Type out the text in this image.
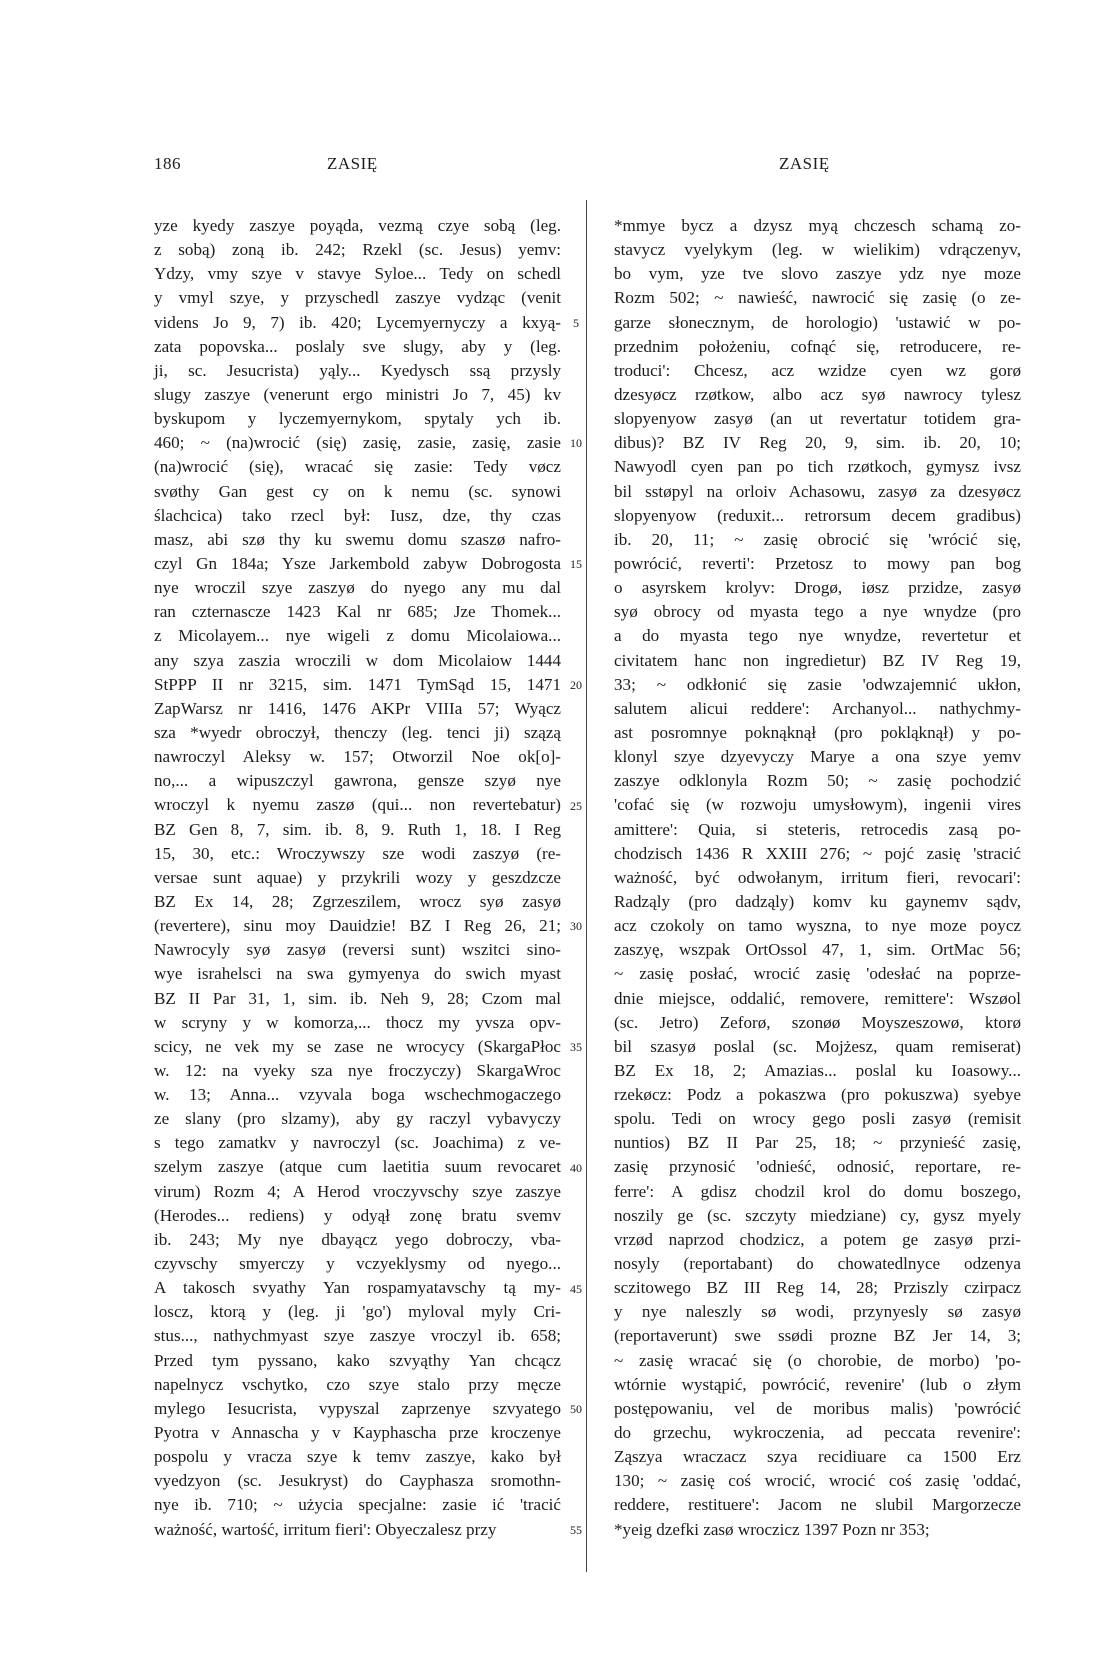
186	ZASIĘ	ZASIĘ
yze kyedy zaszye poyąda, vezmą czye sobą (leg.
z sobą) zoną ib. 242; Rzekl (sc. Jesus) yemv:
Ydzy, vmy szye v stavye Syloe... Tedy on schedl
y vmyl szye, y przyschedl zaszye vydząc (venit
videns Jo 9, 7) ib. 420; Lycemyernyczy a kxyą-
zata popovska... poslaly sve slugy, aby y (leg.
ji, sc. Jesucrista) yąly... Kyedysch ssą przysly
slugy zaszye (venerunt ergo ministri Jo 7, 45) kv
byskupom y lyczemyernykom, spytaly ych ib.
460; ~ (na)wrocić (się) zasię, zasie, zasię, zasie
(na)wrocić (się), wracać się zasie: Tedy vøcz
svøthy Gan gest cy on k nemu (sc. synowi
ślachcica) tako rzecl był: Iusz, dze, thy czas
masz, abi szø thy ku swemu domu szaszø nafro-
czyl Gn 184a; Ysze Jarkembold zabyw Dobrogosta
nye wroczil szye zaszyø do nyego any mu dal
ran czternascze 1423 Kal nr 685; Jze Thomek...
z Micolayem... nye wigeli z domu Micolaiowa...
any szya zaszia wroczili w dom Micolaiow 1444
StPPP II nr 3215, sim. 1471 TymSąd 15, 1471
ZapWarsz nr 1416, 1476 AKPr VIIIa 57; Wyącz
sza *wyedr obroczył, thenczy (leg. tenci ji) szązą
nawroczyl Aleksy w. 157; Otworzil Noe ok[o]-
no,... a wipuszczyl gawrona, gensze szyø nye
wroczyl k nyemu zaszø (qui... non revertebatur)
BZ Gen 8, 7, sim. ib. 8, 9. Ruth 1, 18. I Reg
15, 30, etc.: Wroczywszy sze wodi zaszyø (re-
versae sunt aquae) y przykrili wozy y geszdzcze
BZ Ex 14, 28; Zgrzeszilem, wrocz syø zasyø
(revertere), sinu moy Dauidzie! BZ I Reg 26, 21;
Nawrocyly syø zasyø (reversi sunt) wszitci sino-
wye israhelsci na swa gymyenya do swich myast
BZ II Par 31, 1, sim. ib. Neh 9, 28; Czom mal
w scryny y w komorza,... thocz my yvsza opv-
scicy, ne vek my se zase ne wrocycy (SkargaPłoc
w. 12: na vyeky sza nye froczyczy) SkargaWroc
w. 13; Anna... vzyvala boga wschechmogaczego
ze slany (pro slzamy), aby gy raczyl vybavyczy
s tego zamatkv y navroczyl (sc. Joachima) z ve-
szelym zaszye (atque cum laetitia suum revocaret
virum) Rozm 4; A Herod vroczyvschy szye zaszye
(Herodes... rediens) y odyął zonę bratu svemv
ib. 243; My nye dbayącz yego dobroczy, vba-
czyvschy smyerczy y vczyeklysmy od nyego...
A takosch svyathy Yan rospamyatavschy tą my-
loscz, ktorą y (leg. ji 'go') myloval myly Cri-
stus..., nathychmyast szye zaszye vroczyl ib. 658;
Przed tym pyssano, kako szvyąthy Yan chcącz
napelnycz vschytko, czo szye stalo przy męcze
mylego Iesucrista, vypyszal zaprzenye szvyatego
Pyotra v Annascha y v Kayphascha prze kroczenye
pospolu y vracza szye k temv zaszye, kako był
vyedzyon (sc. Jesukryst) do Cayphasza sromothn-
nye ib. 710; ~ użycia specjalne: zasie ić 'tracić
ważność, wartość, irritum fieri': Obyeczalesz przy
5
10
15
20
25
30
35
40
45
50
55
*mmye bycz a dzysz myą chczesch schamą zo-
stavycz vyelykym (leg. w wielikim) vdrączenyv,
bo vym, yze tve slovo zaszye ydz nye moze
Rozm 502; ~ nawieść, nawrocić się zasię (o ze-
garze słonecznym, de horologio) 'ustawić w po-
przednim położeniu, cofnąć się, retroducere, re-
troduci': Chcesz, acz wzidze cyen wz gorø
dzesyøcz rzøtkow, albo acz syø nawrocy tylesz
slopyenyow zasyø (an ut revertatur totidem gra-
dibus)? BZ IV Reg 20, 9, sim. ib. 20, 10;
Nawyodl cyen pan po tich rzøtkoch, gymysz ivsz
bil sstøpyl na orloiv Achasowu, zasyø za dzesyøcz
slopyenyow (reduxit... retrorsum decem gradibus)
ib. 20, 11; ~ zasię obrocić się 'wrócić się,
powrócić, reverti': Przetosz to mowy pan bog
o asyrskem krolyv: Drogø, iøsz przidze, zasyø
syø obrocy od myasta tego a nye wnydze (pro
a do myasta tego nye wnydze, revertetur et
civitatem hanc non ingredietur) BZ IV Reg 19,
33; ~ odkłonić się zasie 'odwzajemnić ukłon,
salutem alicui reddere': Archanyol... nathychmy-
ast posromnye poknąknął (pro pokląknął) y po-
klonyl szye dzyevyczy Marye a ona szye yemv
zaszye odklonyla Rozm 50; ~ zasię pochodzić
'cofać się (w rozwoju umysłowym), ingenii vires
amittere': Quia, si steteris, retrocedis zasą po-
chodzisch 1436 R XXIII 276; ~ pojć zasię 'stracić
ważność, być odwołanym, irritum fieri, revocari':
Radząly (pro dadząly) komv ku gaynemv sądv,
acz czokoly on tamo wyszna, to nye moze poycz
zaszyę, wszpak OrtOssol 47, 1, sim. OrtMac 56;
~ zasię posłać, wrocić zasię 'odesłać na poprze-
dnie miejsce, oddalić, removere, remittere': Wszøol
(sc. Jetro) Zeforø, szonøø Moyszeszowø, ktorø
bil szasyø poslal (sc. Mojżesz, quam remiserat)
BZ Ex 18, 2; Amazias... poslal ku Ioasowy...
rzekøcz: Podz a pokaszwa (pro pokuszwa) syebye
spolu. Tedi on wrocy gego posli zasyø (remisit
nuntios) BZ II Par 25, 18; ~ przynieść zasię,
zasię przynosić 'odnieść, odnosić, reportare, re-
ferre': A gdisz chodzil krol do domu boszego,
noszily ge (sc. szczyty miedziane) cy, gysz myely
vrzød naprzod chodzicz, a potem ge zasyø przi-
nosyly (reportabant) do chowatedlnyce odzenya
sczitowego BZ III Reg 14, 28; Prziszly czirpacz
y nye naleszly sø wodi, przynyesly sø zasyø
(reportaverunt) swe ssødi prozne BZ Jer 14, 3;
~ zasię wracać się (o chorobie, de morbo) 'po-
wtórnie wystąpić, powrócić, revenire' (lub o złym
postępowaniu, vel de moribus malis) 'powrócić
do grzechu, wykroczenia, ad peccata revenire':
Ząszya wraczacz szya recidiuare ca 1500 Erz
130; ~ zasię coś wrocić, wrocić coś zasię 'oddać,
reddere, restituere': Jacom ne slubil Margorzecze
*yeig dzefki zasø wroczicz 1397 Pozn nr 353;
